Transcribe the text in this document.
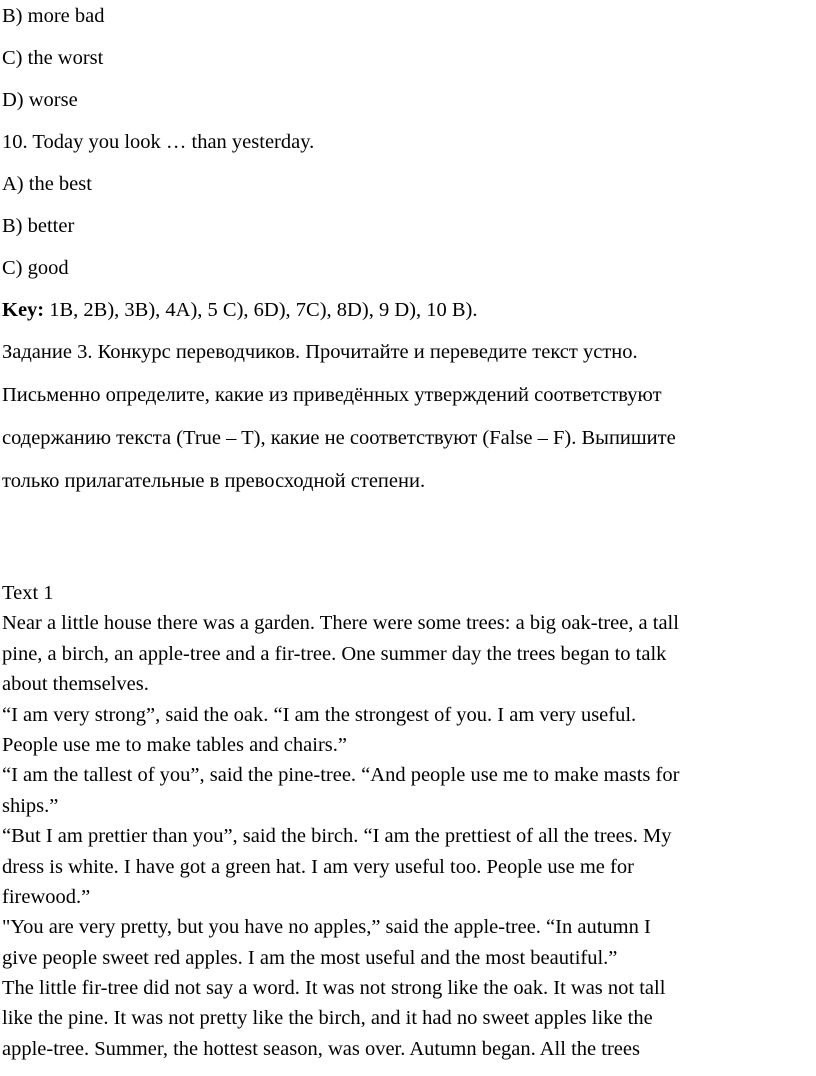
B) more bad
C) the worst
D) worse
10. Today you look … than yesterday.
A) the best
B) better
C) good
Key: 1B, 2B), 3B), 4A), 5 C), 6D), 7C), 8D), 9 D), 10 B).
Задание 3. Конкурс переводчиков. Прочитайте и переведите текст устно.
Письменно определите, какие из приведённых утверждений соответствуют
содержанию текста (True – T), какие не соответствуют (False – F). Выпишите
только прилагательные в превосходной степени.
Text 1
Near a little house there was a garden. There were some trees: a big oak-tree, a tall
pine, a birch, an apple-tree and a fir-tree. One summer day the trees began to talk
about themselves.
“I am very strong”, said the oak. “I am the strongest of you. I am very useful.
People use me to make tables and chairs.”
“I am the tallest of you”, said the pine-tree. “And people use me to make masts for
ships.”
“But I am prettier than you”, said the birch. “I am the prettiest of all the trees. My
dress is white. I have got a green hat. I am very useful too. People use me for
firewood.”
"You are very pretty, but you have no apples,” said the apple-tree. “In autumn I
give people sweet red apples. I am the most useful and the most beautiful.”
The little fir-tree did not say a word. It was not strong like the oak. It was not tall
like the pine. It was not pretty like the birch, and it had no sweet apples like the
apple-tree. Summer, the hottest season, was over. Autumn began. All the trees
